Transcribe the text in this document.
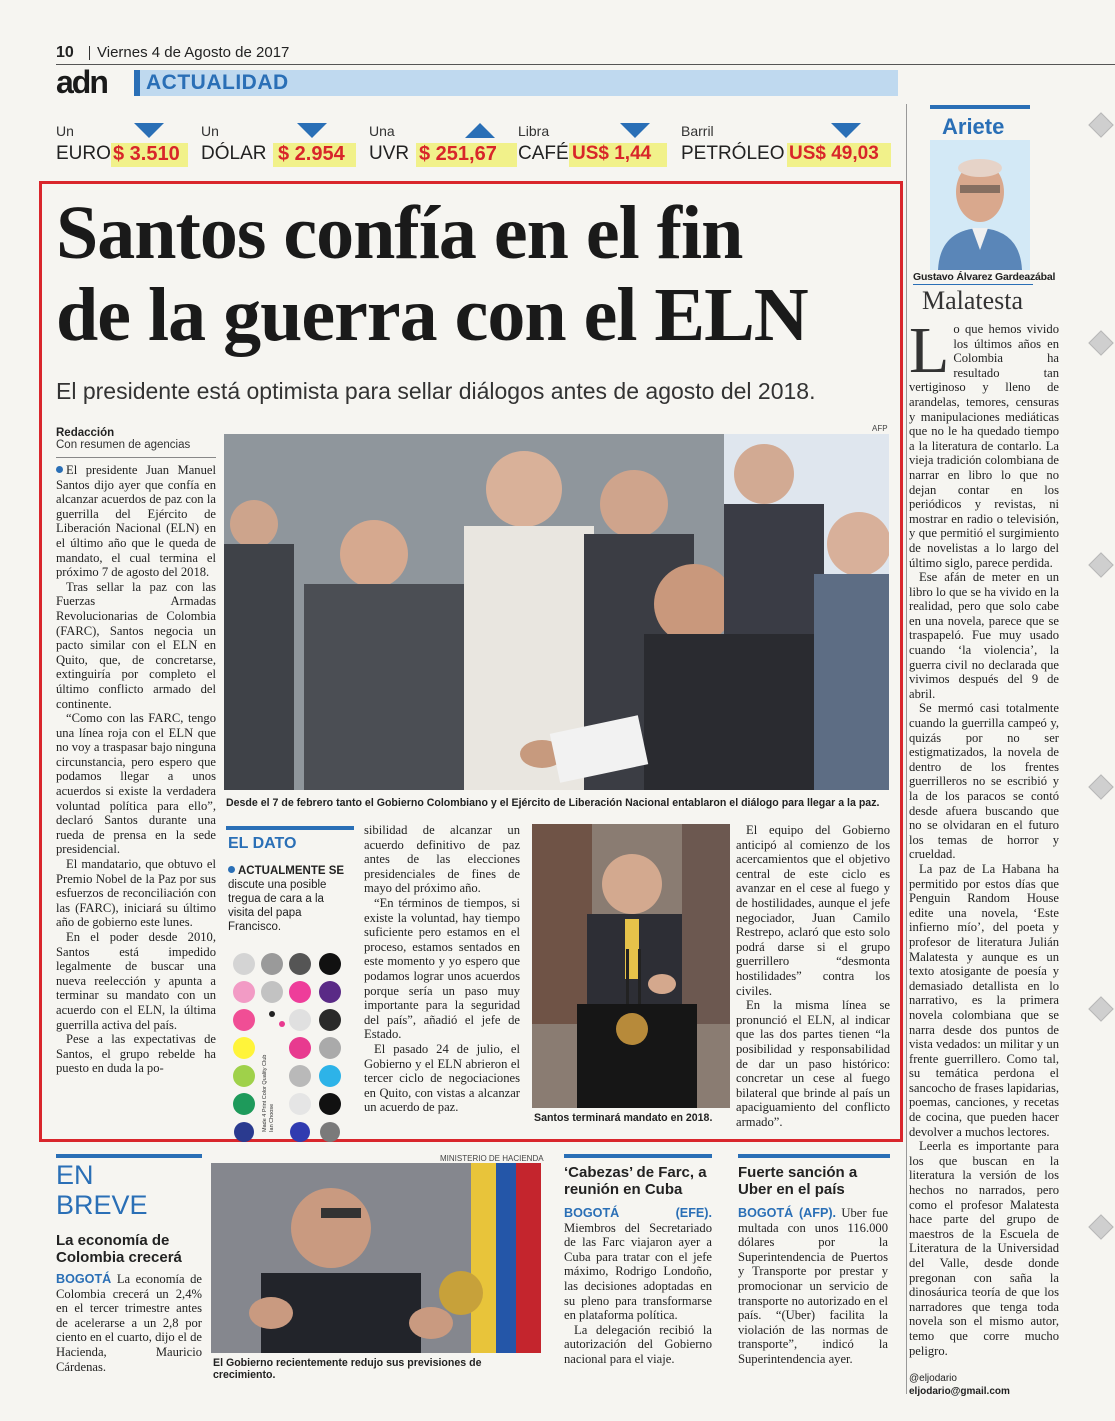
10 Viernes 4 de Agosto de 2017
adn ACTUALIDAD
Un
EURO $ 3.510
Un
DÓLAR $ 2.954
Una
UVR $ 251,67
Libra
CAFÉ US$ 1,44
Barril
PETRÓLEO US$ 49,03
Santos confía en el fin
de la guerra con el ELN
El presidente está optimista para sellar diálogos antes de agosto del 2018.
Redacción
Con resumen de agencias
AFP
Desde el 7 de febrero tanto el Gobierno Colombiano y el Ejército de Liberación Nacional entablaron el diálogo para llegar a la paz.

El presidente Juan Manuel Santos dijo ayer que confía en alcanzar acuerdos de paz con la guerrilla del Ejército de Liberación Nacional (ELN) en el último año que le queda de mandato, el cual termina el próximo 7 de agosto del 2018.

Tras sellar la paz con las Fuerzas Armadas Revolucionarias de Colombia (FARC), Santos negocia un pacto similar con el ELN en Quito, que, de concretarse, extinguiría por completo el último conflicto armado del continente.

“Como con las FARC, tengo una línea roja con el ELN que no voy a traspasar bajo ninguna circunstancia, pero espero que podamos llegar a unos acuerdos si existe la verdadera voluntad política para ello”, declaró Santos durante una rueda de prensa en la sede presidencial.

El mandatario, que obtuvo el Premio Nobel de la Paz por sus esfuerzos de reconciliación con las (FARC), iniciará su último año de gobierno este lunes.

En el poder desde 2010, Santos está impedido legalmente de buscar una nueva reelección y apunta a terminar su mandato con un acuerdo con el ELN, la última guerrilla activa del país.

Pese a las expectativas de Santos, el grupo rebelde ha puesto en duda la po-

EL DATO
ACTUALMENTE SE discute una posible tregua de cara a la visita del papa Francisco.
Made 4 Print Color Quality Club Ian Choose

sibilidad de alcanzar un acuerdo definitivo de paz antes de las elecciones presidenciales de fines de mayo del próximo año.

“En términos de tiempos, si existe la voluntad, hay tiempo suficiente pero estamos en el proceso, estamos sentados en este momento y yo espero que podamos lograr unos acuerdos porque sería un paso muy importante para la seguridad del país”, añadió el jefe de Estado.

El pasado 24 de julio, el Gobierno y el ELN abrieron el tercer ciclo de negociaciones en Quito, con vistas a alcanzar un acuerdo de paz.

Santos terminará mandato en 2018.

El equipo del Gobierno anticipó al comienzo de los acercamientos que el objetivo central de este ciclo es avanzar en el cese al fuego y de hostilidades, aunque el jefe negociador, Juan Camilo Restrepo, aclaró que esto solo podrá darse si el grupo guerrillero “desmonta hostilidades” contra los civiles.

En la misma línea se pronunció el ELN, al indicar que las dos partes tienen “la posibilidad y responsabilidad de dar un paso histórico: concretar un cese al fuego bilateral que brinde al país un apaciguamiento del conflicto armado”.

EN
BREVE
La economía de Colombia crecerá

BOGOTÁ La economía de Colombia crecerá un 2,4% en el tercer trimestre antes de acelerarse a un 2,8 por ciento en el cuarto, dijo el de Hacienda, Mauricio Cárdenas.

MINISTERIO DE HACIENDA
El Gobierno recientemente redujo sus previsiones de crecimiento.
‘Cabezas’ de Farc, a reunión en Cuba

BOGOTÁ (EFE). Miembros del Secretariado de las Farc viajaron ayer a Cuba para tratar con el jefe máximo, Rodrigo Londoño, las decisiones adoptadas en su pleno para transformarse en plataforma política.

La delegación recibió la autorización del Gobierno nacional para el viaje.

Fuerte sanción a Uber en el país

BOGOTÁ (AFP). Uber fue multada con unos 116.000 dólares por la Superintendencia de Puertos y Transporte por prestar y promocionar un servicio de transporte no autorizado en el país. “(Uber) facilita la violación de las normas de transporte”, indicó la Superintendencia ayer.

Ariete
Gustavo Álvarez Gardeazábal
Malatesta

Lo que hemos vivido los últimos años en Colombia ha resultado tan vertiginoso y lleno de arandelas, temores, censuras y manipulaciones mediáticas que no le ha quedado tiempo a la literatura de contarlo. La vieja tradición colombiana de narrar en libro lo que no dejan contar en los periódicos y revistas, ni mostrar en radio o televisión, y que permitió el surgimiento de novelistas a lo largo del último siglo, parece perdida.

Ese afán de meter en un libro lo que se ha vivido en la realidad, pero que solo cabe en una novela, parece que se traspapeló. Fue muy usado cuando ‘la violencia’, la guerra civil no declarada que vivimos después del 9 de abril.

Se mermó casi totalmente cuando la guerrilla campeó y, quizás por no ser estigmatizados, la novela de dentro de los frentes guerrilleros no se escribió y la de los paracos se contó desde afuera buscando que no se olvidaran en el futuro los temas de horror y crueldad.

La paz de La Habana ha permitido por estos días que Penguin Random House edite una novela, ‘Este infierno mío’, del poeta y profesor de literatura Julián Malatesta y aunque es un texto atosigante de poesía y demasiado detallista en lo narrativo, es la primera novela colombiana que se narra desde dos puntos de vista vedados: un militar y un frente guerrillero. Como tal, su temática perdona el sancocho de frases lapidarias, poemas, canciones, y recetas de cocina, que pueden hacer devolver a muchos lectores.

Leerla es importante para los que buscan en la literatura la versión de los hechos no narrados, pero como el profesor Malatesta hace parte del grupo de maestros de la Escuela de Literatura de la Universidad del Valle, desde donde pregonan con saña la dinosáurica teoría de que los narradores que tenga toda novela son el mismo autor, temo que corre mucho peligro.

@eljodario
eljodario@gmail.com
